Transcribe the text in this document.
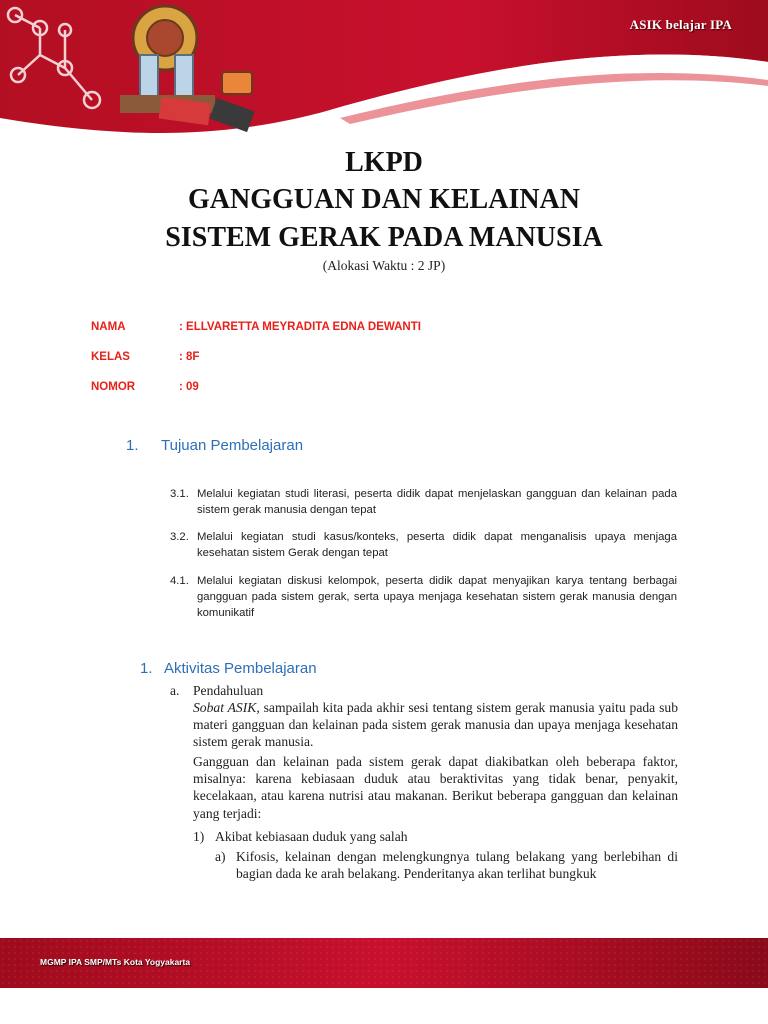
ASIK belajar IPA
LKPD
GANGGUAN DAN KELAINAN
SISTEM GERAK PADA MANUSIA
(Alokasi Waktu : 2 JP)
NAMA	: ELLVARETTA MEYRADITA EDNA DEWANTI
KELAS	: 8F
NOMOR	: 09
1. Tujuan Pembelajaran
3.1. Melalui kegiatan studi literasi, peserta didik dapat menjelaskan gangguan dan kelainan pada sistem gerak manusia dengan tepat
3.2. Melalui kegiatan studi kasus/konteks, peserta didik dapat menganalisis upaya menjaga kesehatan sistem Gerak dengan tepat
4.1. Melalui kegiatan diskusi kelompok, peserta didik dapat menyajikan karya tentang berbagai gangguan pada sistem gerak, serta upaya menjaga kesehatan sistem gerak manusia dengan komunikatif
1. Aktivitas Pembelajaran
a. Pendahuluan
Sobat ASIK, sampailah kita pada akhir sesi tentang sistem gerak manusia yaitu pada sub materi gangguan dan kelainan pada sistem gerak manusia dan upaya menjaga kesehatan sistem gerak manusia.
Gangguan dan kelainan pada sistem gerak dapat diakibatkan oleh beberapa faktor, misalnya: karena kebiasaan duduk atau beraktivitas yang tidak benar, penyakit, kecelakaan, atau karena nutrisi atau makanan. Berikut beberapa gangguan dan kelainan yang terjadi:
1) Akibat kebiasaan duduk yang salah
a) Kifosis, kelainan dengan melengkungnya tulang belakang yang berlebihan di bagian dada ke arah belakang. Penderitanya akan terlihat bungkuk
MGMP IPA SMP/MTs Kota Yogyakarta
